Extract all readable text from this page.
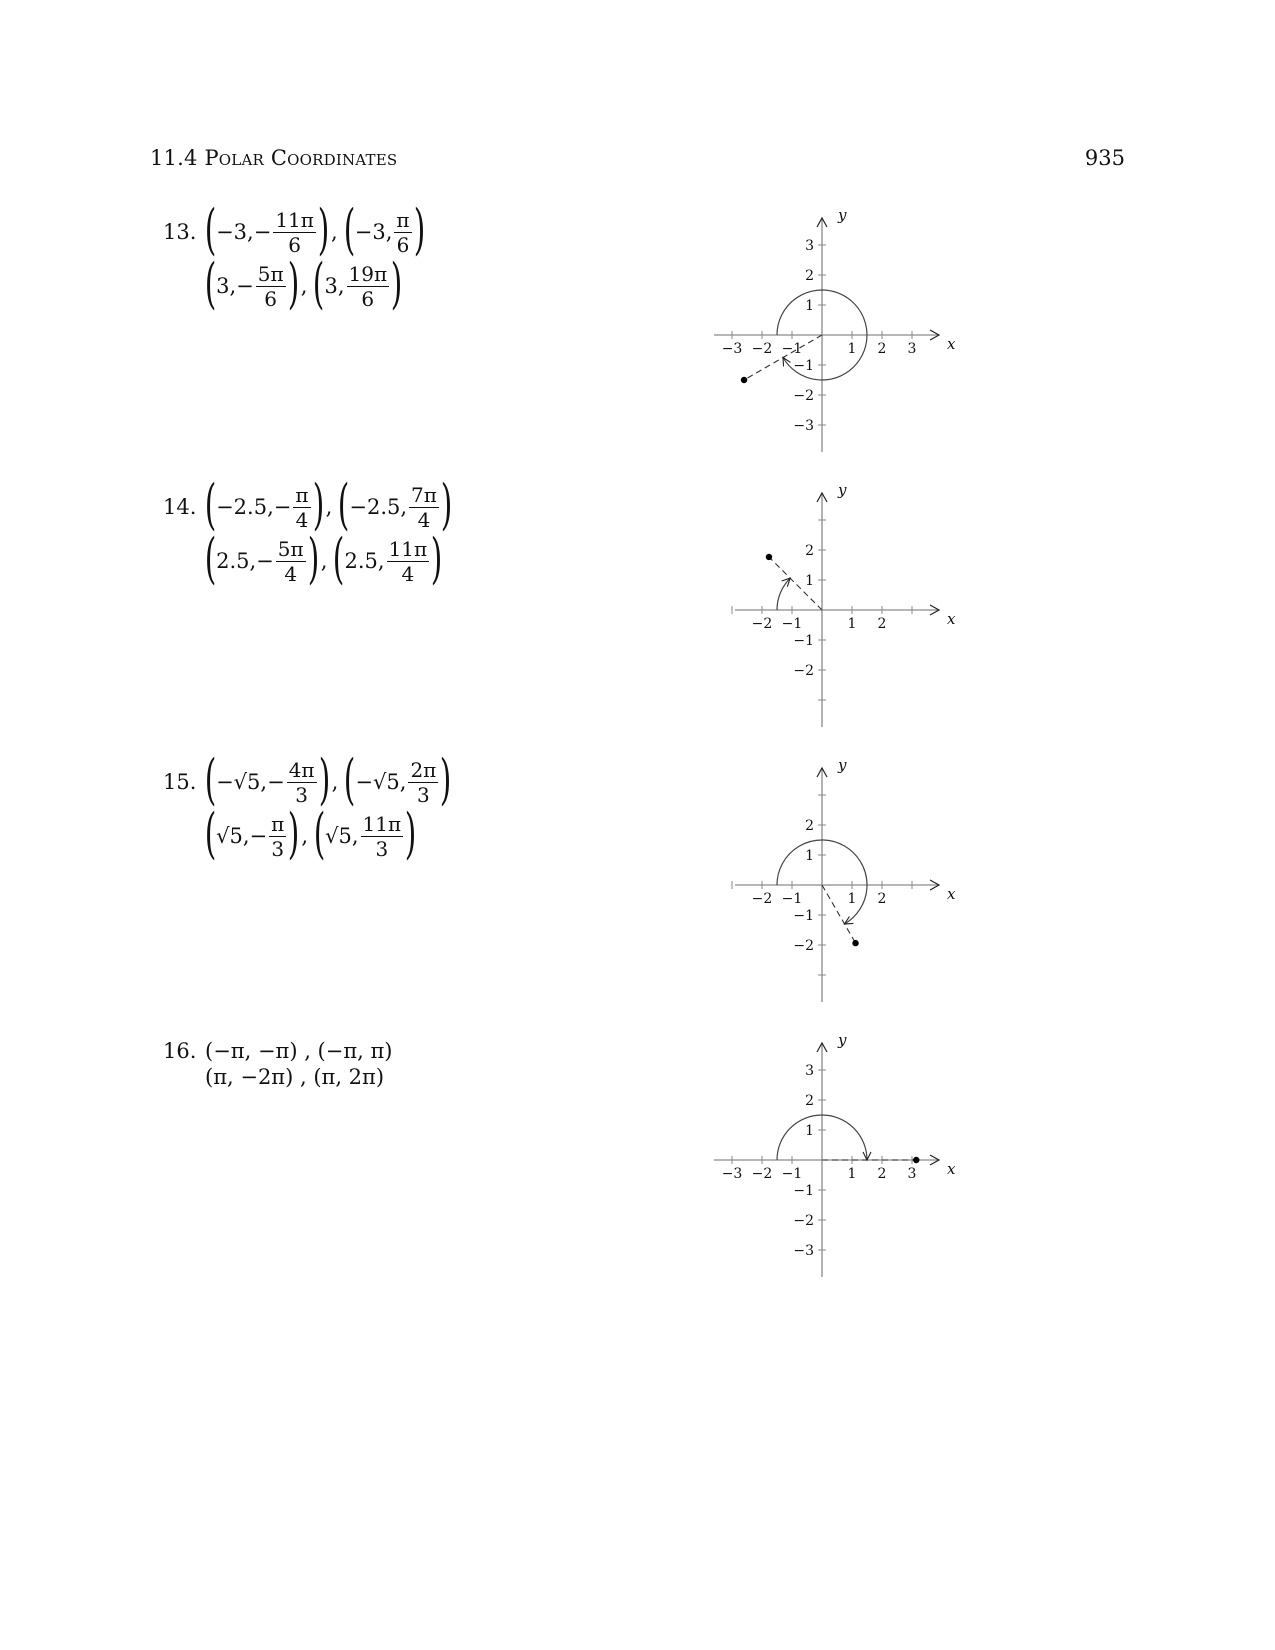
11.4 Polar Coordinates	935
13. ( −3, − $\frac{11\pi}{6}$ ) , ( −3, $\frac{\pi}{6}$ )
( 3, − $\frac{5\pi}{6}$ ) , ( 3, $\frac{19\pi}{6}$ )
14. ( −2.5, − $\frac{\pi}{4}$ ) , ( −2.5, $\frac{7\pi}{4}$ )
( 2.5, − $\frac{5\pi}{4}$ ) , ( 2.5, $\frac{11\pi}{4}$ )
15. ( −√5, − $\frac{4\pi}{3}$ ) , ( −√5, $\frac{2\pi}{3}$ )
( √5, − $\frac{\pi}{3}$ ) , ( √5, $\frac{11\pi}{3}$ )
16. (−π, −π) , (−π, π)
(π, −2π) , (π, 2π)
x
y
−3 −2 −1	1 2 3
3
2
1
−1
−2
−3
x
y
−2 −1	1 2
2
1
−1
−2
x
y
−2 −1	1 2
2
1
−1
−2
x
y
−3 −2 −1	1 2 3
3
2
1
−1
−2
−3
